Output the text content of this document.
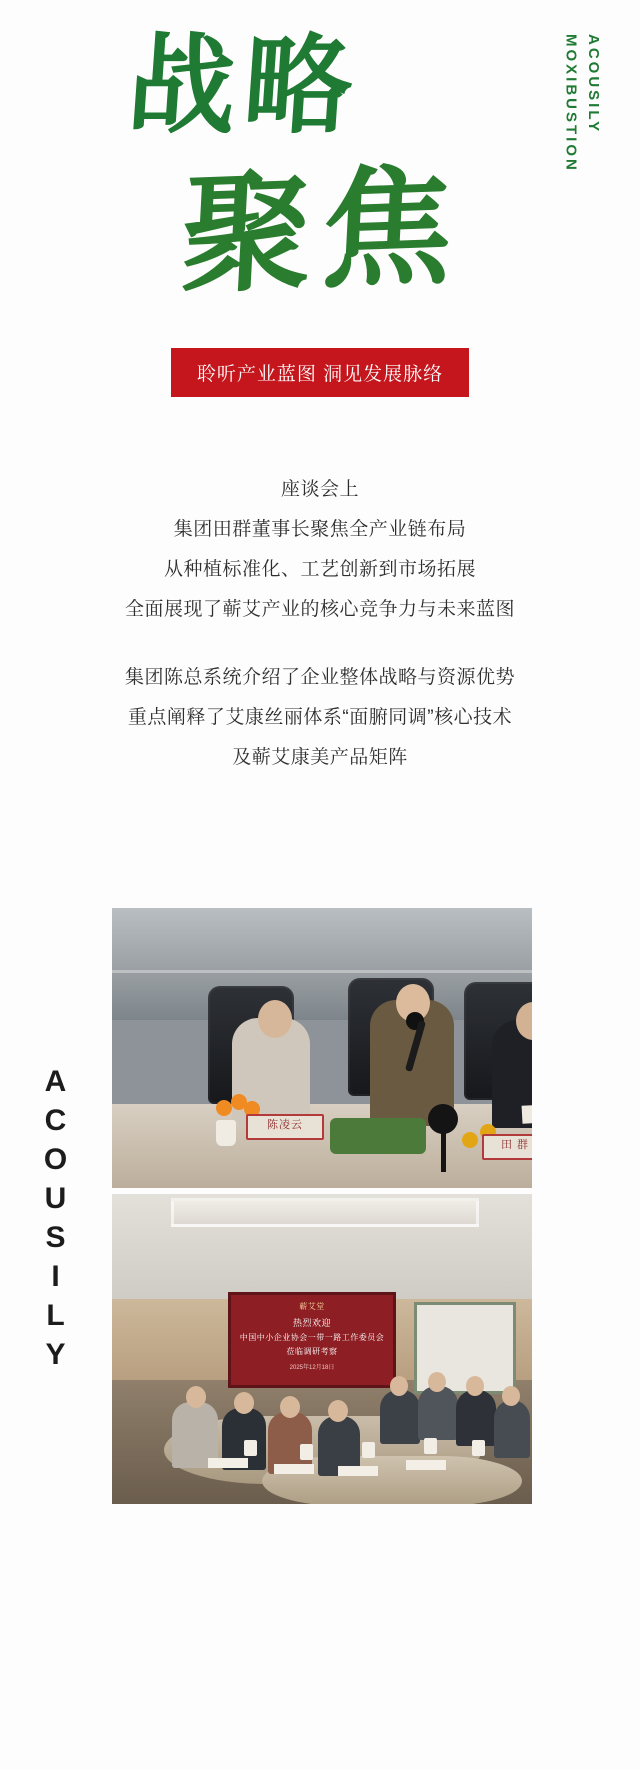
战略
聚焦
ACOUSILY
MOXIBUSTION
聆听产业蓝图 洞见发展脉络

座谈会上

集团田群董事长聚焦全产业链布局

从种植标准化、工艺创新到市场拓展

全面展现了蕲艾产业的核心竞争力与未来蓝图

集团陈总系统介绍了企业整体战略与资源优势

重点阐释了艾康丝丽体系“面腑同调”核心技术

及蕲艾康美产品矩阵

ACOUSILY	陈凌云
田 群
蕲艾堂
热烈欢迎
中国中小企业协会一带一路工作委员会
莅临调研考察
2025年12月18日
